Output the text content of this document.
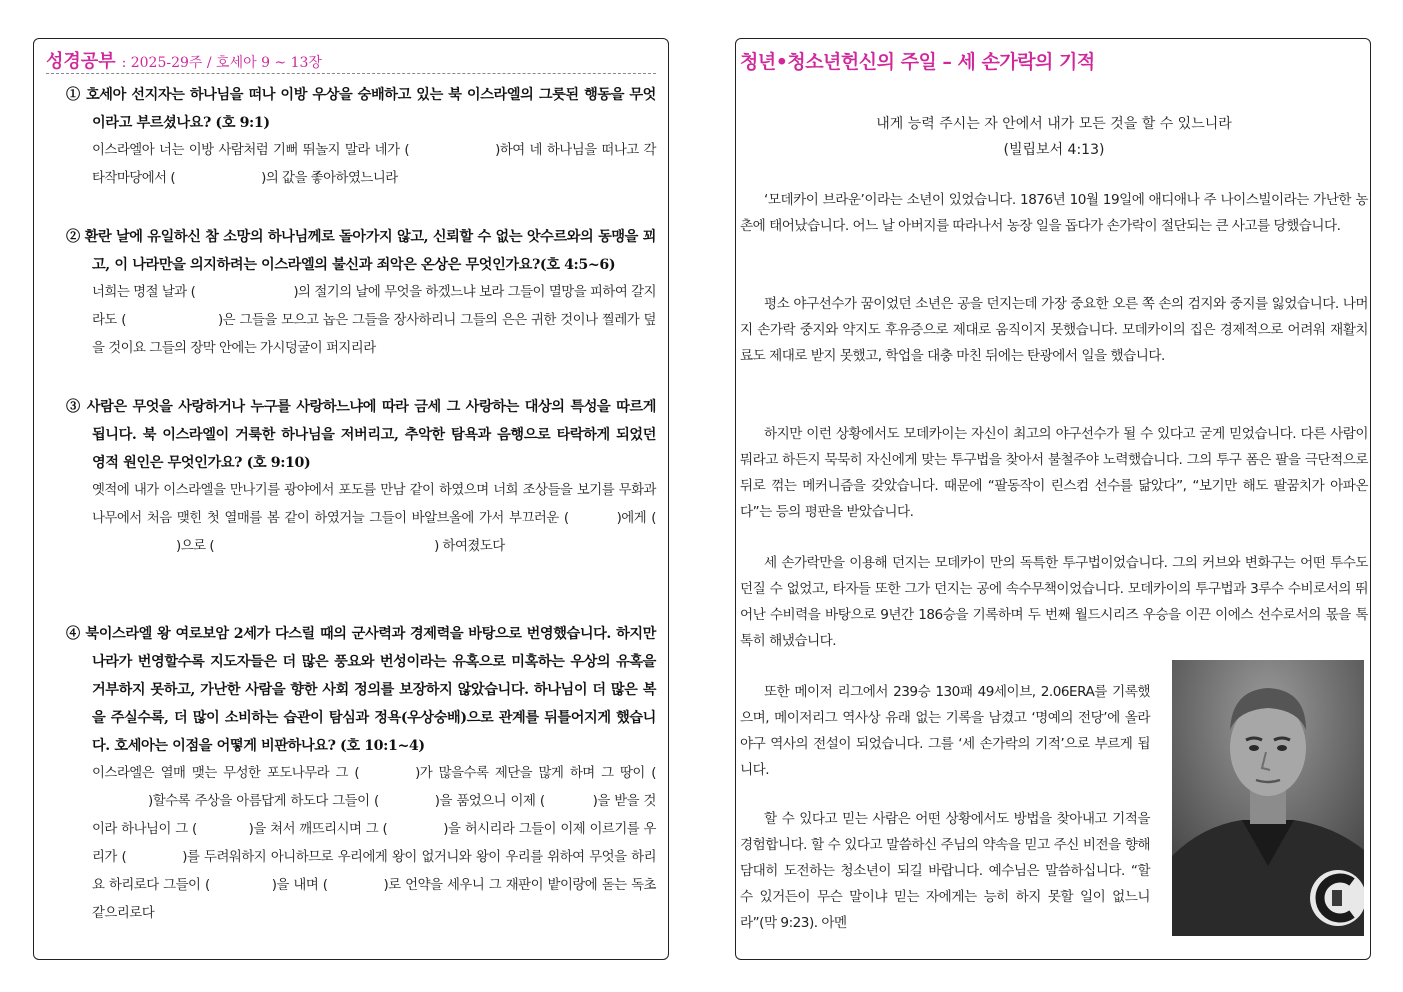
성경공부 : 2025-29주 / 호세아 9 ~ 13장
① 호세아 선지자는 하나님을 떠나 이방 우상을 숭배하고 있는 북 이스라엘의 그릇된 행동을 무엇이라고 부르셨나요? (호 9:1)
이스라엘아 너는 이방 사람처럼 기뻐 뛰놀지 말라 네가 (	)하여 네 하나님을 떠나고 각 타작마당에서 (	)의 값을 좋아하였느니라
② 환란 날에 유일하신 참 소망의 하나님께로 돌아가지 않고, 신뢰할 수 없는 앗수르와의 동맹을 꾀고, 이 나라만을 의지하려는 이스라엘의 불신과 죄악은 온상은 무엇인가요?(호 4:5~6)
너희는 명절 날과 (	)의 절기의 날에 무엇을 하겠느냐 보라 그들이 멸망을 피하여 갈지라도 (	)은 그들을 모으고 놉은 그들을 장사하리니 그들의 은은 귀한 것이나 찔레가 덮을 것이요 그들의 장막 안에는 가시덩굴이 퍼지리라
③ 사람은 무엇을 사랑하거나 누구를 사랑하느냐에 따라 금세 그 사랑하는 대상의 특성을 따르게 됩니다. 북 이스라엘이 거룩한 하나님을 저버리고, 추악한 탐욕과 음행으로 타락하게 되었던 영적 원인은 무엇인가요? (호 9:10)
옛적에 내가 이스라엘을 만나기를 광야에서 포도를 만남 같이 하였으며 너희 조상들을 보기를 무화과나무에서 처음 맺힌 첫 열매를 봄 같이 하였거늘 그들이 바알브올에 가서 부끄러운 (	)에게 ()으로 (	) 하여졌도다
④ 북이스라엘 왕 여로보암 2세가 다스릴 때의 군사력과 경제력을 바탕으로 번영했습니다. 하지만 나라가 번영할수록 지도자들은 더 많은 풍요와 번성이라는 유혹으로 미혹하는 우상의 유혹을 거부하지 못하고, 가난한 사람을 향한 사회 정의를 보장하지 않았습니다. 하나님이 더 많은 복을 주실수록, 더 많이 소비하는 습관이 탐심과 정욕(우상숭배)으로 관계를 뒤틀어지게 했습니다. 호세아는 이점을 어떻게 비판하나요? (호 10:1~4)
이스라엘은 열매 맺는 무성한 포도나무라 그 (	)가 많을수록 제단을 많게 하며 그 땅이 ()할수록 주상을 아름답게 하도다 그들이 (	)을 품었으니 이제 (	)을 받을 것이라 하나님이 그 (	)을 쳐서 깨뜨리시며 그 (	)을 허시리라 그들이 이제 이르기를 우리가 (	)를 두려워하지 아니하므로 우리에게 왕이 없거니와 왕이 우리를 위하여 무엇을 하리요 하리로다 그들이 (	)을 내며 (	)로 언약을 세우니 그 재판이 밭이랑에 돋는 독초 같으리로다
청년•청소년헌신의 주일 – 세 손가락의 기적
내게 능력 주시는 자 안에서 내가 모든 것을 할 수 있느니라
(빌립보서 4:13)
‘모데카이 브라운’이라는 소년이 있었습니다. 1876년 10월 19일에 애디애나 주 나이스빌이라는 가난한 농촌에 태어났습니다. 어느 날 아버지를 따라나서 농장 일을 돕다가 손가락이 절단되는 큰 사고를 당했습니다.
평소 야구선수가 꿈이었던 소년은 공을 던지는데 가장 중요한 오른 쪽 손의 검지와 중지를 잃었습니다. 나머지 손가락 중지와 약지도 후유증으로 제대로 움직이지 못했습니다. 모데카이의 집은 경제적으로 어려워 재활치료도 제대로 받지 못했고, 학업을 대충 마친 뒤에는 탄광에서 일을 했습니다.
하지만 이런 상황에서도 모데카이는 자신이 최고의 야구선수가 될 수 있다고 굳게 믿었습니다. 다른 사람이 뭐라고 하든지 묵묵히 자신에게 맞는 투구법을 찾아서 불철주야 노력했습니다. 그의 투구 폼은 팔을 극단적으로 뒤로 꺾는 메커니즘을 갖았습니다. 때문에 “팔동작이 린스컴 선수를 닮았다”, “보기만 해도 팔꿈치가 아파온다”는 등의 평판을 받았습니다.
세 손가락만을 이용해 던지는 모데카이 만의 독특한 투구법이었습니다. 그의 커브와 변화구는 어떤 투수도 던질 수 없었고, 타자들 또한 그가 던지는 공에 속수무책이었습니다. 모데카이의 투구법과 3루수 수비로서의 뛰어난 수비력을 바탕으로 9년간 186승을 기록하며 두 번째 월드시리즈 우승을 이끈 이에스 선수로서의 몫을 톡톡히 해냈습니다.
또한 메이저 리그에서 239승 130패 49세이브, 2.06ERA를 기록했으며, 메이저리그 역사상 유래 없는 기록을 남겼고 ‘명예의 전당’에 올라 야구 역사의 전설이 되었습니다. 그를 ‘세 손가락의 기적’으로 부르게 됩니다.
할 수 있다고 믿는 사람은 어떤 상황에서도 방법을 찾아내고 기적을 경험합니다. 할 수 있다고 말씀하신 주님의 약속을 믿고 주신 비전을 향해 담대히 도전하는 청소년이 되길 바랍니다. 예수님은 말씀하십니다. “할 수 있거든이 무슨 말이냐 믿는 자에게는 능히 하지 못할 일이 없느니라”(막 9:23). 아멘
